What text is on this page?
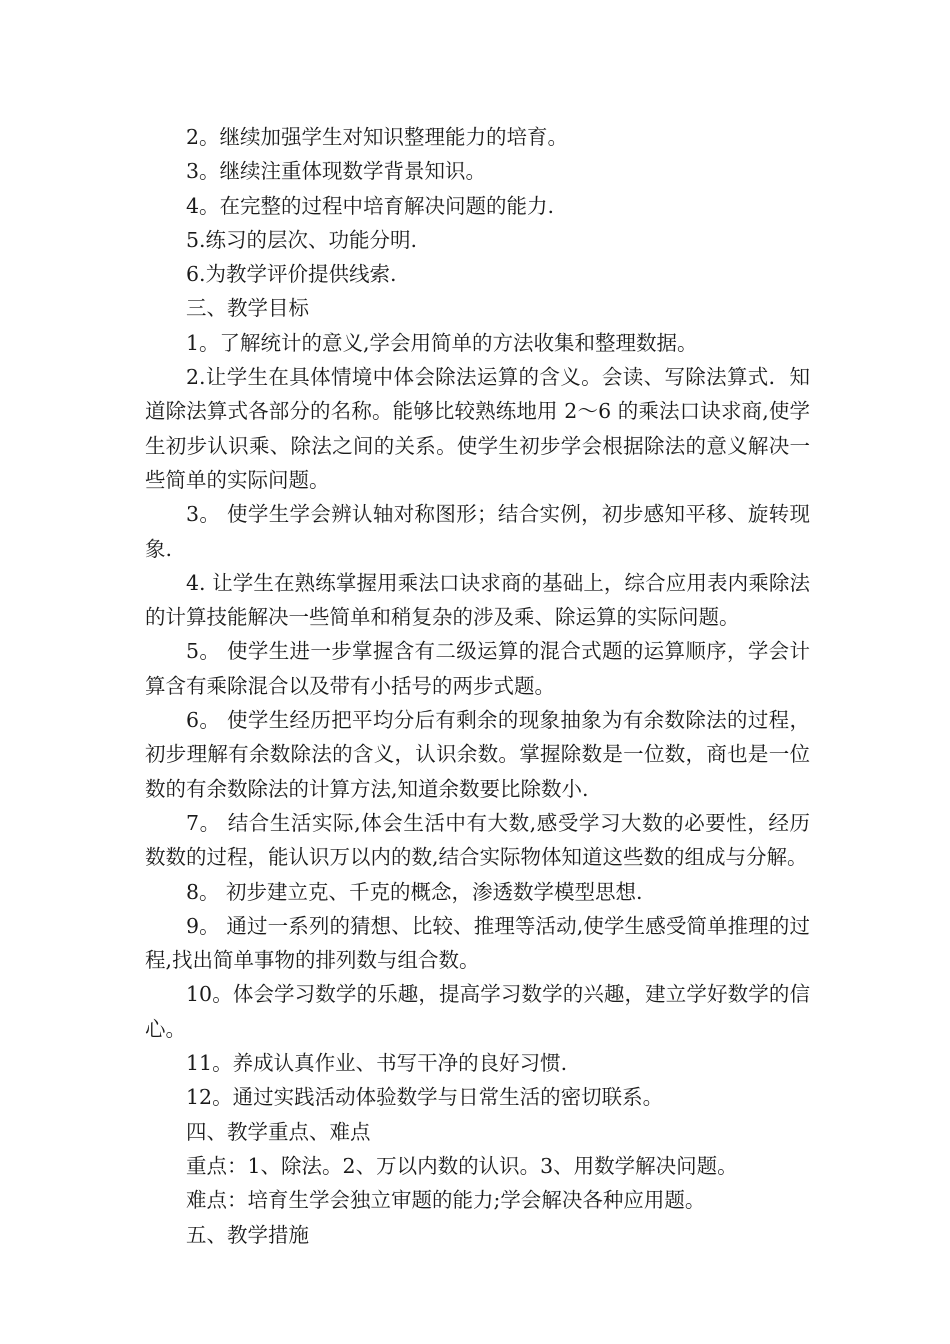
2。继续加强学生对知识整理能力的培育。

3。继续注重体现数学背景知识。

4。在完整的过程中培育解决问题的能力.

5.练习的层次、功能分明.

6.为教学评价提供线索.

三、教学目标

1。了解统计的意义,学会用简单的方法收集和整理数据。

2.让学生在具体情境中体会除法运算的含义。会读、写除法算式．知道除法算式各部分的名称。能够比较熟练地用 2～6 的乘法口诀求商,使学生初步认识乘、除法之间的关系。使学生初步学会根据除法的意义解决一些简单的实际问题。

3。 使学生学会辨认轴对称图形；结合实例，初步感知平移、旋转现象.

4. 让学生在熟练掌握用乘法口诀求商的基础上，综合应用表内乘除法的计算技能解决一些简单和稍复杂的涉及乘、除运算的实际问题。

5。 使学生进一步掌握含有二级运算的混合式题的运算顺序，学会计算含有乘除混合以及带有小括号的两步式题。

6。 使学生经历把平均分后有剩余的现象抽象为有余数除法的过程，初步理解有余数除法的含义，认识余数。掌握除数是一位数，商也是一位数的有余数除法的计算方法,知道余数要比除数小.

7。 结合生活实际,体会生活中有大数,感受学习大数的必要性，经历数数的过程，能认识万以内的数,结合实际物体知道这些数的组成与分解。

8。 初步建立克、千克的概念，渗透数学模型思想.

9。 通过一系列的猜想、比较、推理等活动,使学生感受简单推理的过程,找出简单事物的排列数与组合数。

10。体会学习数学的乐趣，提高学习数学的兴趣，建立学好数学的信心。

11。养成认真作业、书写干净的良好习惯.

12。通过实践活动体验数学与日常生活的密切联系。

四、教学重点、难点

重点：1、除法。2、万以内数的认识。3、用数学解决问题。

难点：培育生学会独立审题的能力;学会解决各种应用题。

五、教学措施
